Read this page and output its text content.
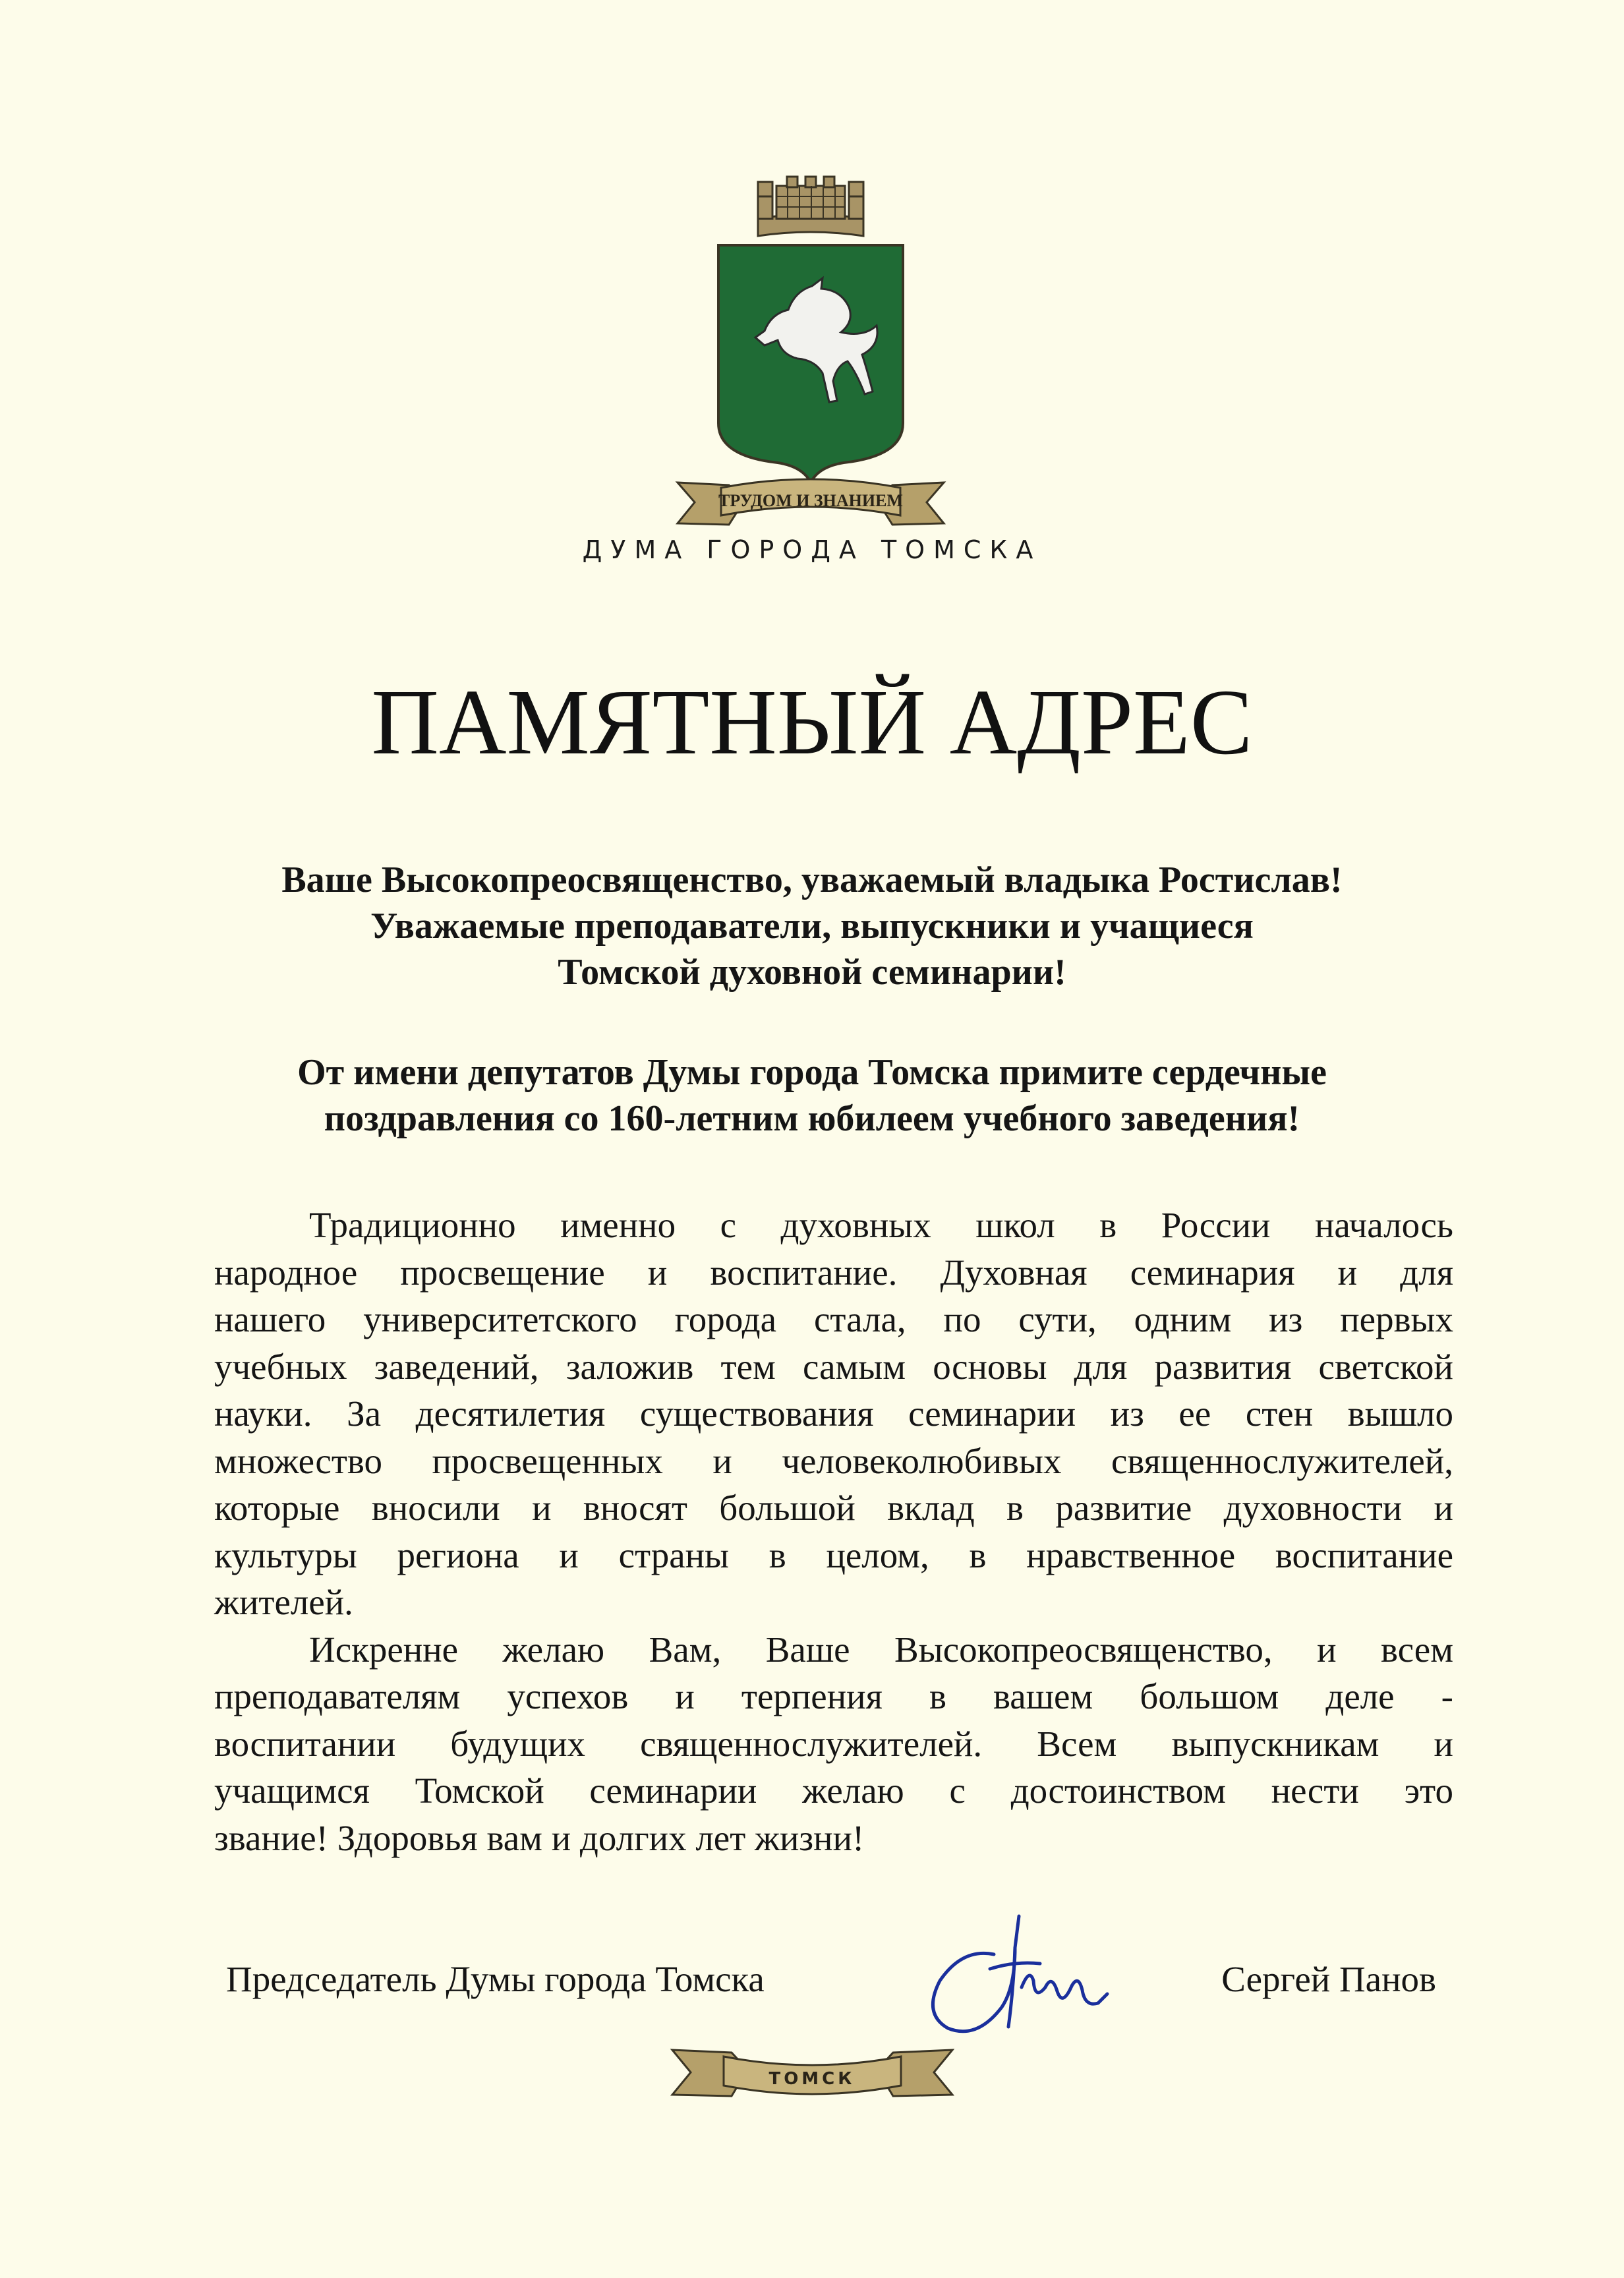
ТРУДОМ И ЗНАНИЕМ
ДУМА ГОРОДА ТОМСКА
ПАМЯТНЫЙ АДРЕС
Ваше Высокопреосвященство, уважаемый владыка Ростислав!
Уважаемые преподаватели, выпускники и учащиеся
Томской духовной семинарии!
От имени депутатов Думы города Томска примите сердечные
поздравления со 160-летним юбилеем учебного заведения!
Традиционно именно с духовных школ в России началось
народное просвещение и воспитание. Духовная семинария и для
нашего университетского города стала, по сути, одним из первых
учебных заведений, заложив тем самым основы для развития светской
науки. За десятилетия существования семинарии из ее стен вышло
множество просвещенных и человеколюбивых священнослужителей,
которые вносили и вносят большой вклад в развитие духовности и
культуры региона и страны в целом, в нравственное воспитание
жителей.
Искренне желаю Вам, Ваше Высокопреосвященство, и всем
преподавателям успехов и терпения в вашем большом деле -
воспитании будущих священнослужителей. Всем выпускникам и
учащимся Томской семинарии желаю с достоинством нести это
звание! Здоровья вам и долгих лет жизни!
Председатель Думы города Томска	Сергей Панов
ТОМСК
